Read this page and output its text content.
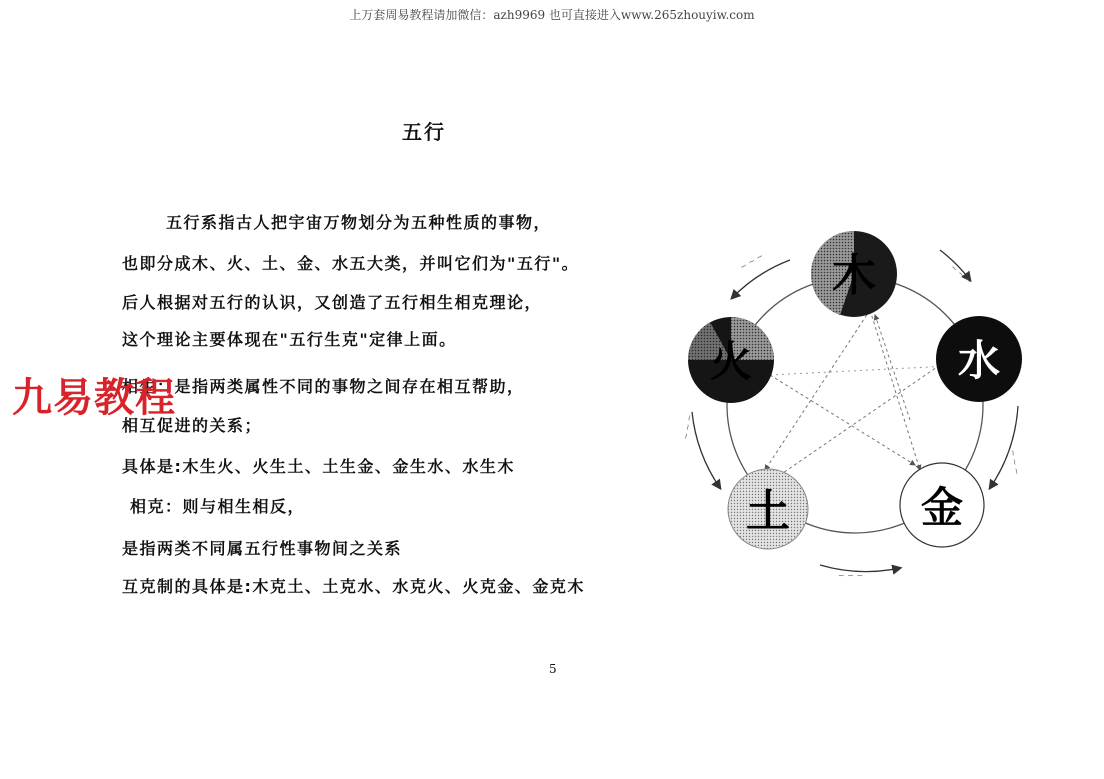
上万套周易教程请加微信：azh9969 也可直接进入www.265zhouyiw.com
五行
五行系指古人把宇宙万物划分为五种性质的事物，
也即分成木、火、土、金、水五大类，并叫它们为"五行"。
后人根据对五行的认识，又创造了五行相生相克理论，
这个理论主要体现在"五行生克"定律上面。
相生：是指两类属性不同的事物之间存在相互帮助，
相互促进的关系；
具体是:木生火、火生土、土生金、金生水、水生木
相克：则与相生相反，
是指两类不同属五行性事物间之关系
互克制的具体是:木克土、土克水、水克火、火克金、金克木
九易教程
5
~ ~ ~
~ ~ ~
~ ~ ~
~ ~ ~
~ ~ ~
木
水
火
土	金
